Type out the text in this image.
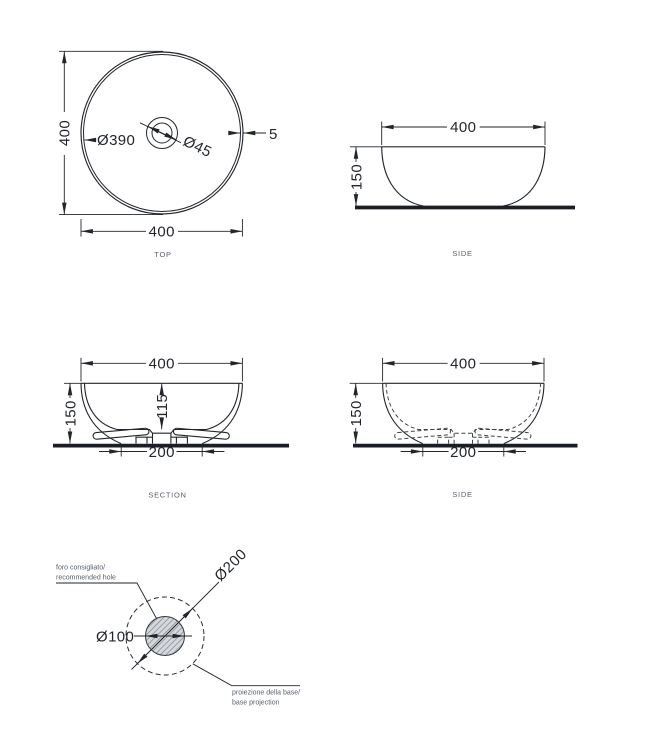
400
400
5
Ø390	Ø45
TOP
400
150
SIDE
400
150	115
200
SECTION
400
150
200
SIDE
Ø200
Ø100
foro consigliato/
recommended hole
proiezione della base/
base projection
